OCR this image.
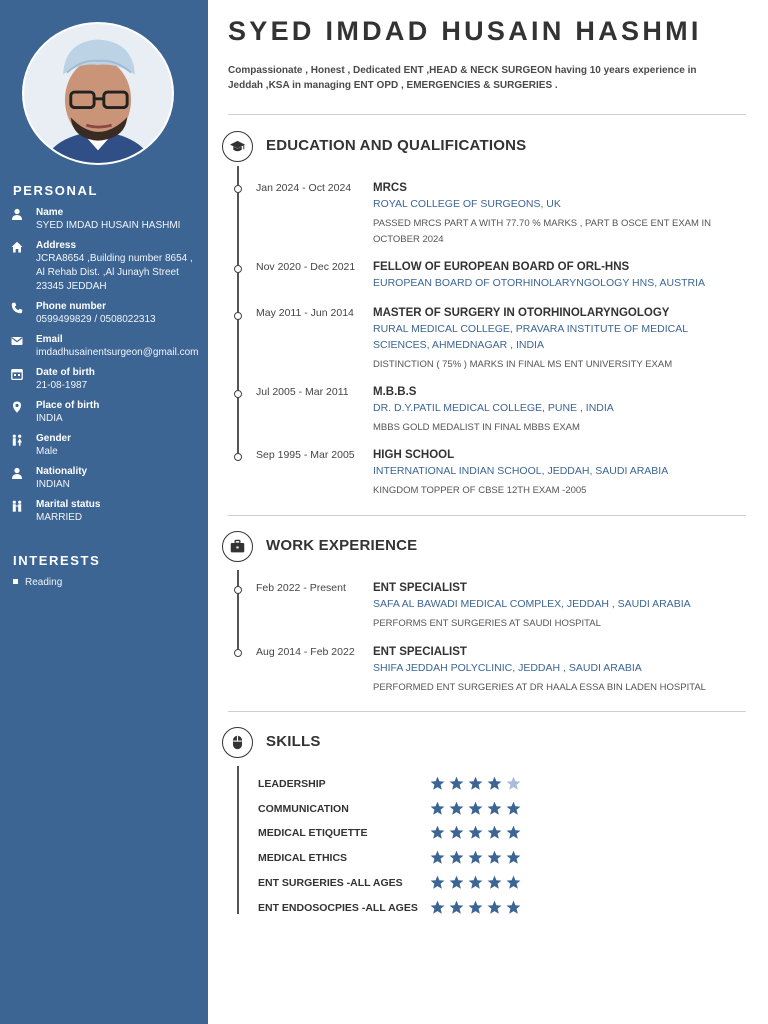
PERSONAL
Name
SYED IMDAD HUSAIN HASHMI
Address
JCRA8654 ,Building number 8654 ,
Al Rehab Dist. ,Al Junayh Street
23345 JEDDAH
Phone number
0599499829 / 0508022313
Email
imdadhusainentsurgeon@gmail.com
Date of birth
21-08-1987
Place of birth
INDIA
Gender
Male
Nationality
INDIAN
Marital status
MARRIED
INTERESTS
Reading
SYED IMDAD HUSAIN HASHMI
Compassionate , Honest , Dedicated ENT ,HEAD & NECK SURGEON having 10 years experience in Jeddah ,KSA in managing ENT OPD , EMERGENCIES & SURGERIES .
EDUCATION AND QUALIFICATIONS
Jan 2024 - Oct 2024	MRCS
ROYAL COLLEGE OF SURGEONS, UK
PASSED MRCS PART A WITH 77.70 % MARKS , PART B OSCE ENT EXAM IN OCTOBER 2024
Nov 2020 - Dec 2021	FELLOW OF EUROPEAN BOARD OF ORL-HNS
EUROPEAN BOARD OF OTORHINOLARYNGOLOGY HNS, AUSTRIA
May 2011 - Jun 2014	MASTER OF SURGERY IN OTORHINOLARYNGOLOGY
RURAL MEDICAL COLLEGE, PRAVARA INSTITUTE OF MEDICAL SCIENCES, AHMEDNAGAR , INDIA
DISTINCTION ( 75% ) MARKS IN FINAL MS ENT UNIVERSITY EXAM
Jul 2005 - Mar 2011	M.B.B.S
DR. D.Y.PATIL MEDICAL COLLEGE, PUNE , INDIA
MBBS GOLD MEDALIST IN FINAL MBBS EXAM
Sep 1995 - Mar 2005	HIGH SCHOOL
INTERNATIONAL INDIAN SCHOOL, JEDDAH, SAUDI ARABIA
KINGDOM TOPPER OF CBSE 12TH EXAM -2005
WORK EXPERIENCE
Feb 2022 - Present	ENT SPECIALIST
SAFA AL BAWADI MEDICAL COMPLEX, JEDDAH , SAUDI ARABIA
PERFORMS ENT SURGERIES AT SAUDI HOSPITAL
Aug 2014 - Feb 2022	ENT SPECIALIST
SHIFA JEDDAH POLYCLINIC, JEDDAH , SAUDI ARABIA
PERFORMED ENT SURGERIES AT DR HAALA ESSA BIN LADEN HOSPITAL
SKILLS
LEADERSHIP
COMMUNICATION
MEDICAL ETIQUETTE
MEDICAL ETHICS
ENT SURGERIES -ALL AGES
ENT ENDOSOCPIES -ALL AGES
